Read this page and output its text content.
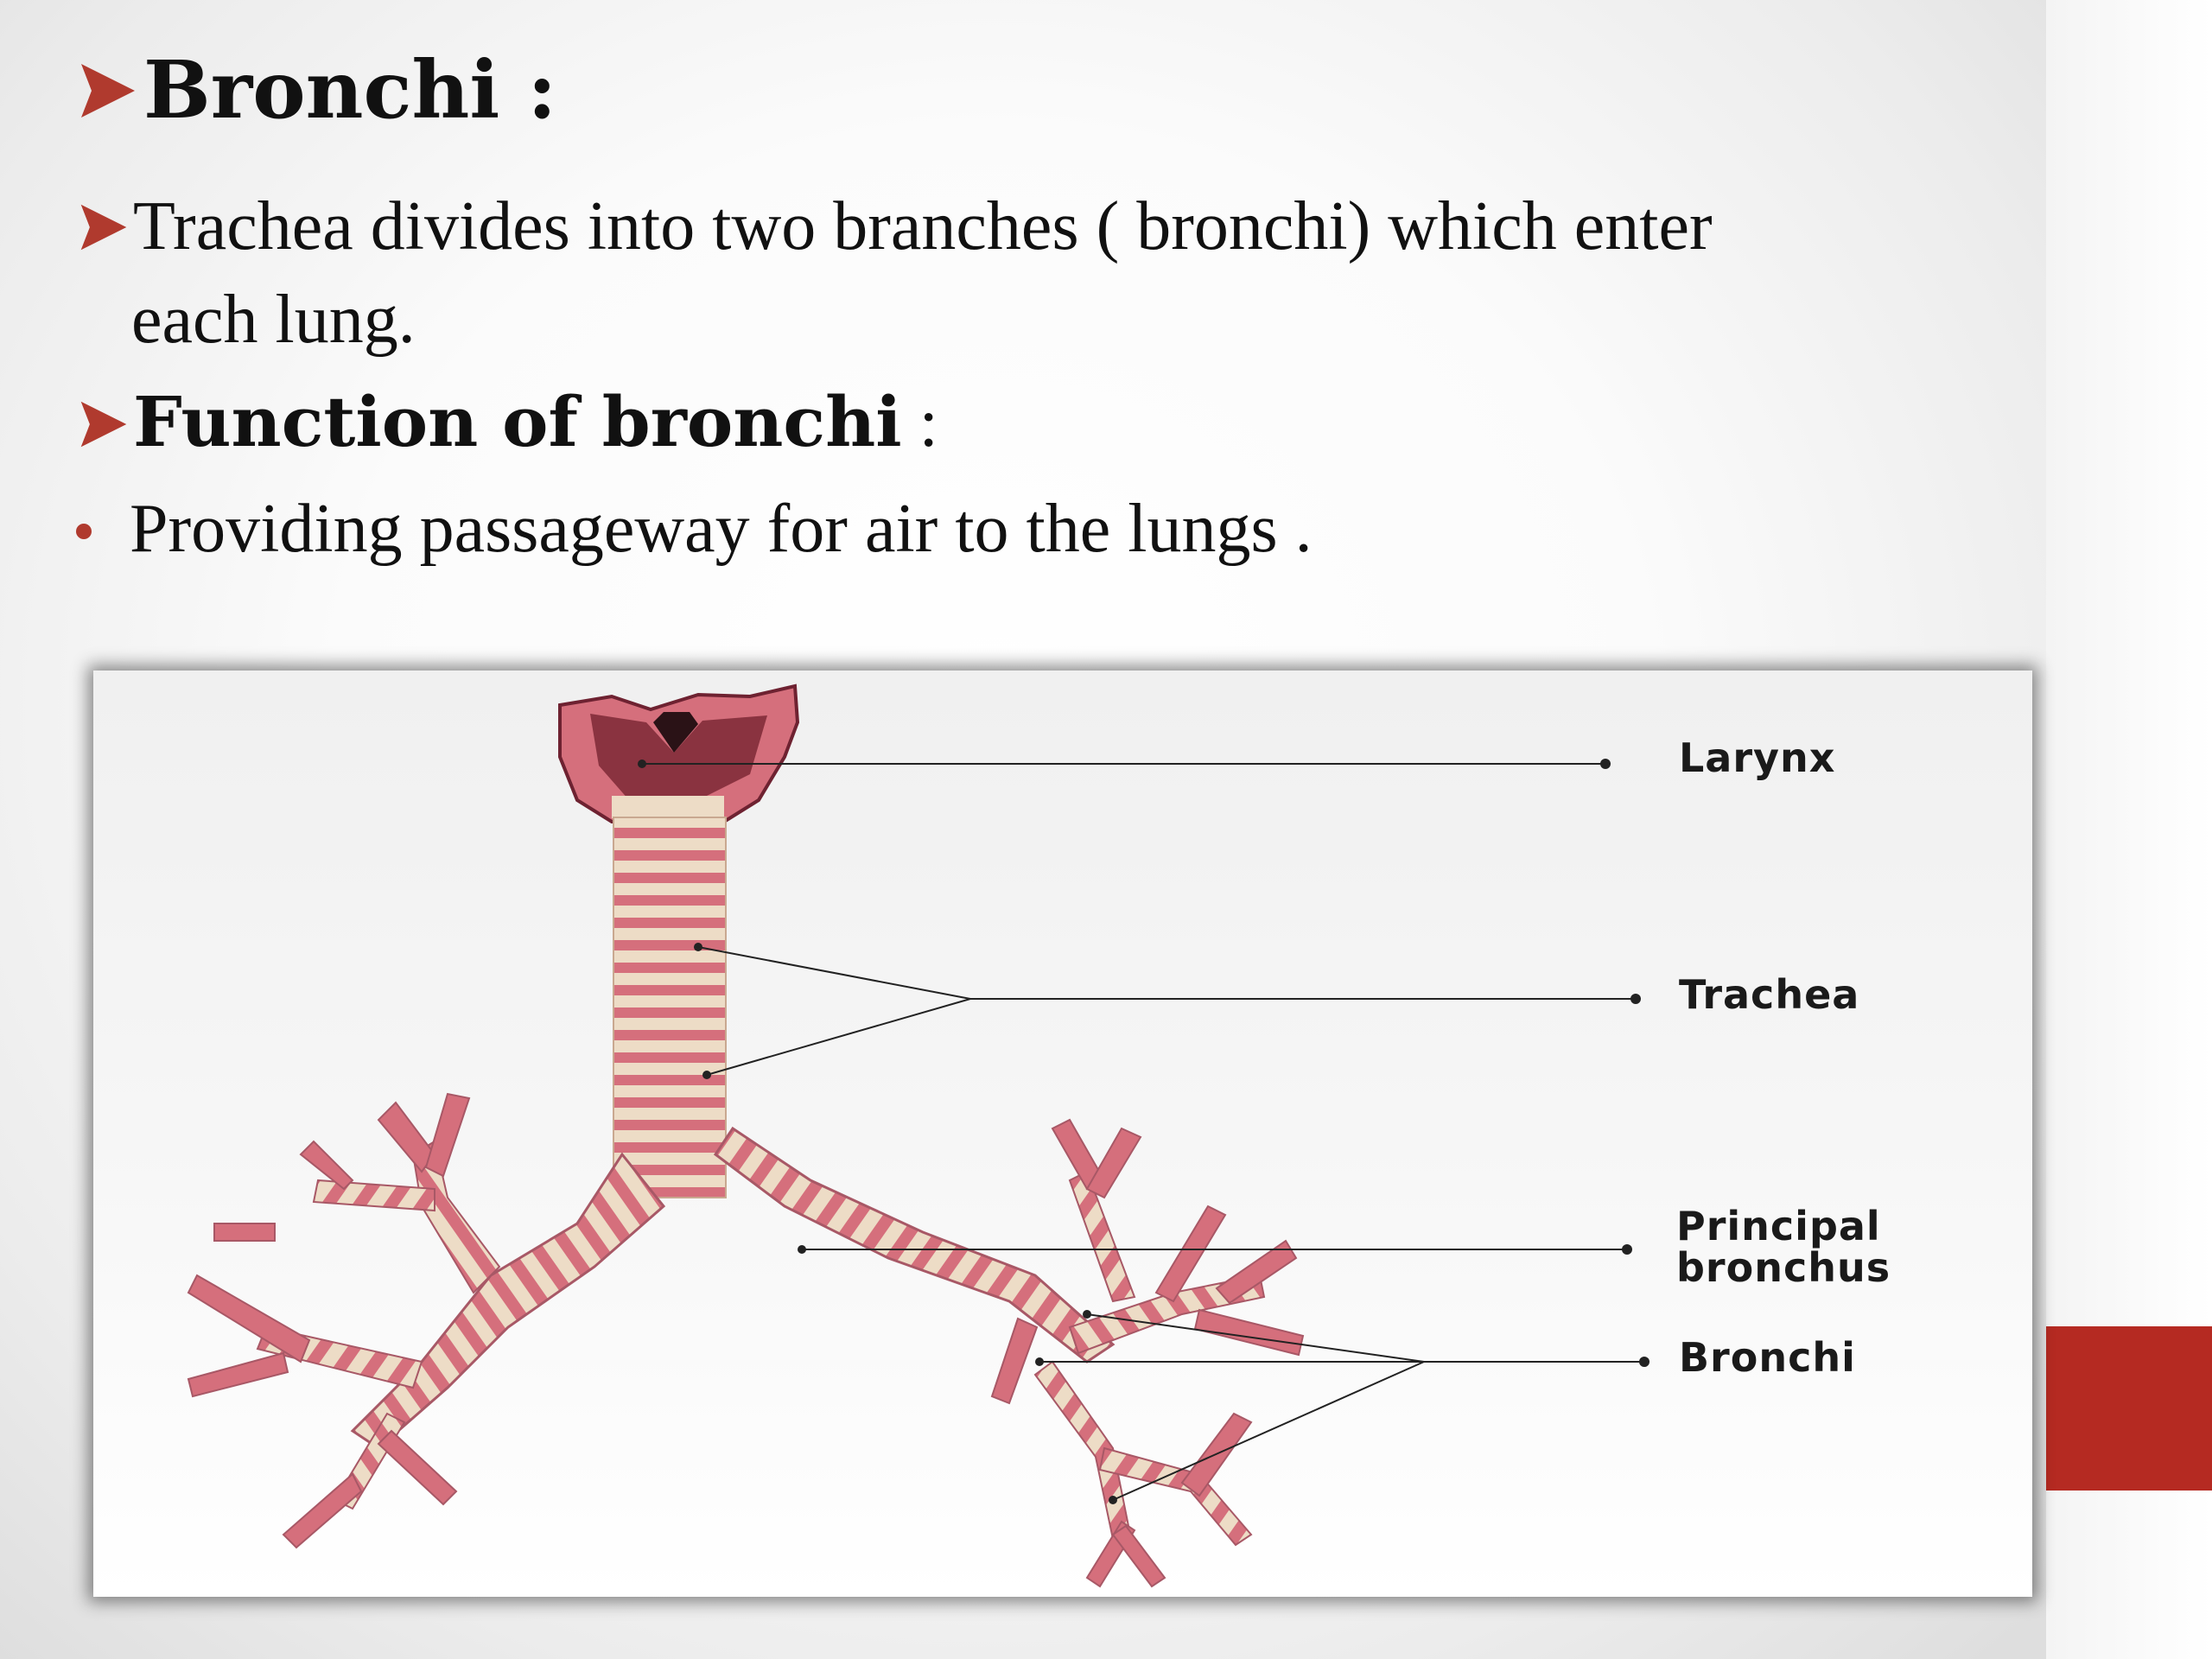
Bronchi :
Trachea divides into two branches ( bronchi) which enter
each lung.
Function of bronchi :
Providing passageway for air to the lungs .
Larynx
Trachea
Principal
bronchus
Bronchi
